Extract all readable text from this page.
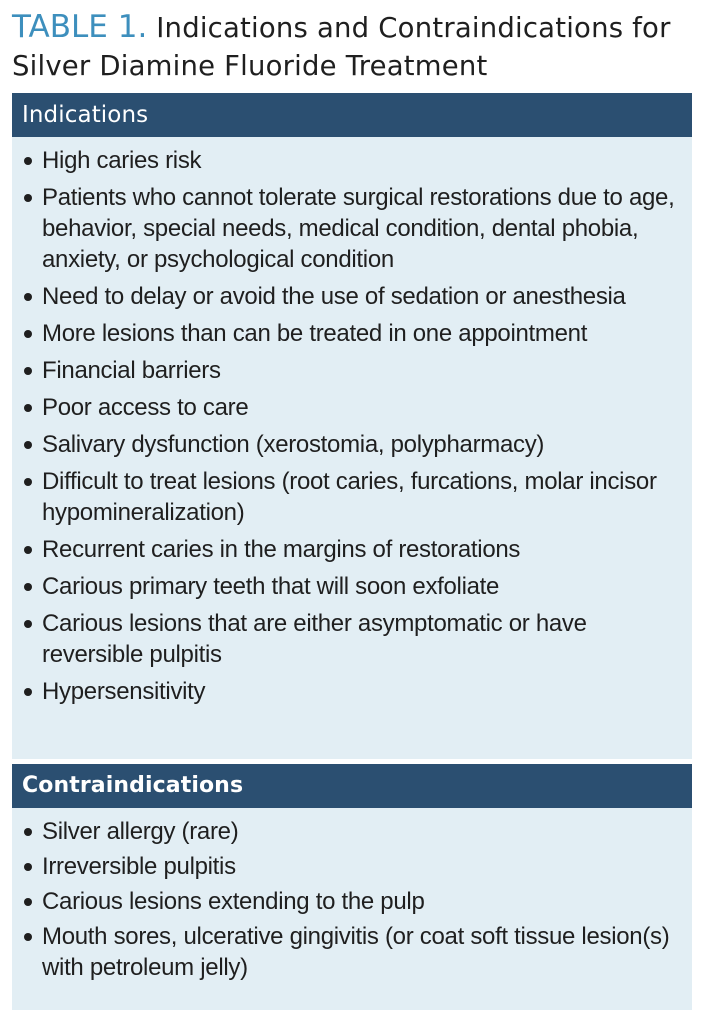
TABLE 1. Indications and Contraindications for Silver Diamine Fluoride Treatment
Indications
High caries risk
Patients who cannot tolerate surgical restorations due to age, behavior, special needs, medical condition, dental phobia, anxiety, or psychological condition
Need to delay or avoid the use of sedation or anesthesia
More lesions than can be treated in one appointment
Financial barriers
Poor access to care
Salivary dysfunction (xerostomia, polypharmacy)
Difficult to treat lesions (root caries, furcations, molar incisor hypomineralization)
Recurrent caries in the margins of restorations
Carious primary teeth that will soon exfoliate
Carious lesions that are either asymptomatic or have reversible pulpitis
Hypersensitivity
Contraindications
Silver allergy (rare)
Irreversible pulpitis
Carious lesions extending to the pulp
Mouth sores, ulcerative gingivitis (or coat soft tissue lesion(s) with petroleum jelly)
